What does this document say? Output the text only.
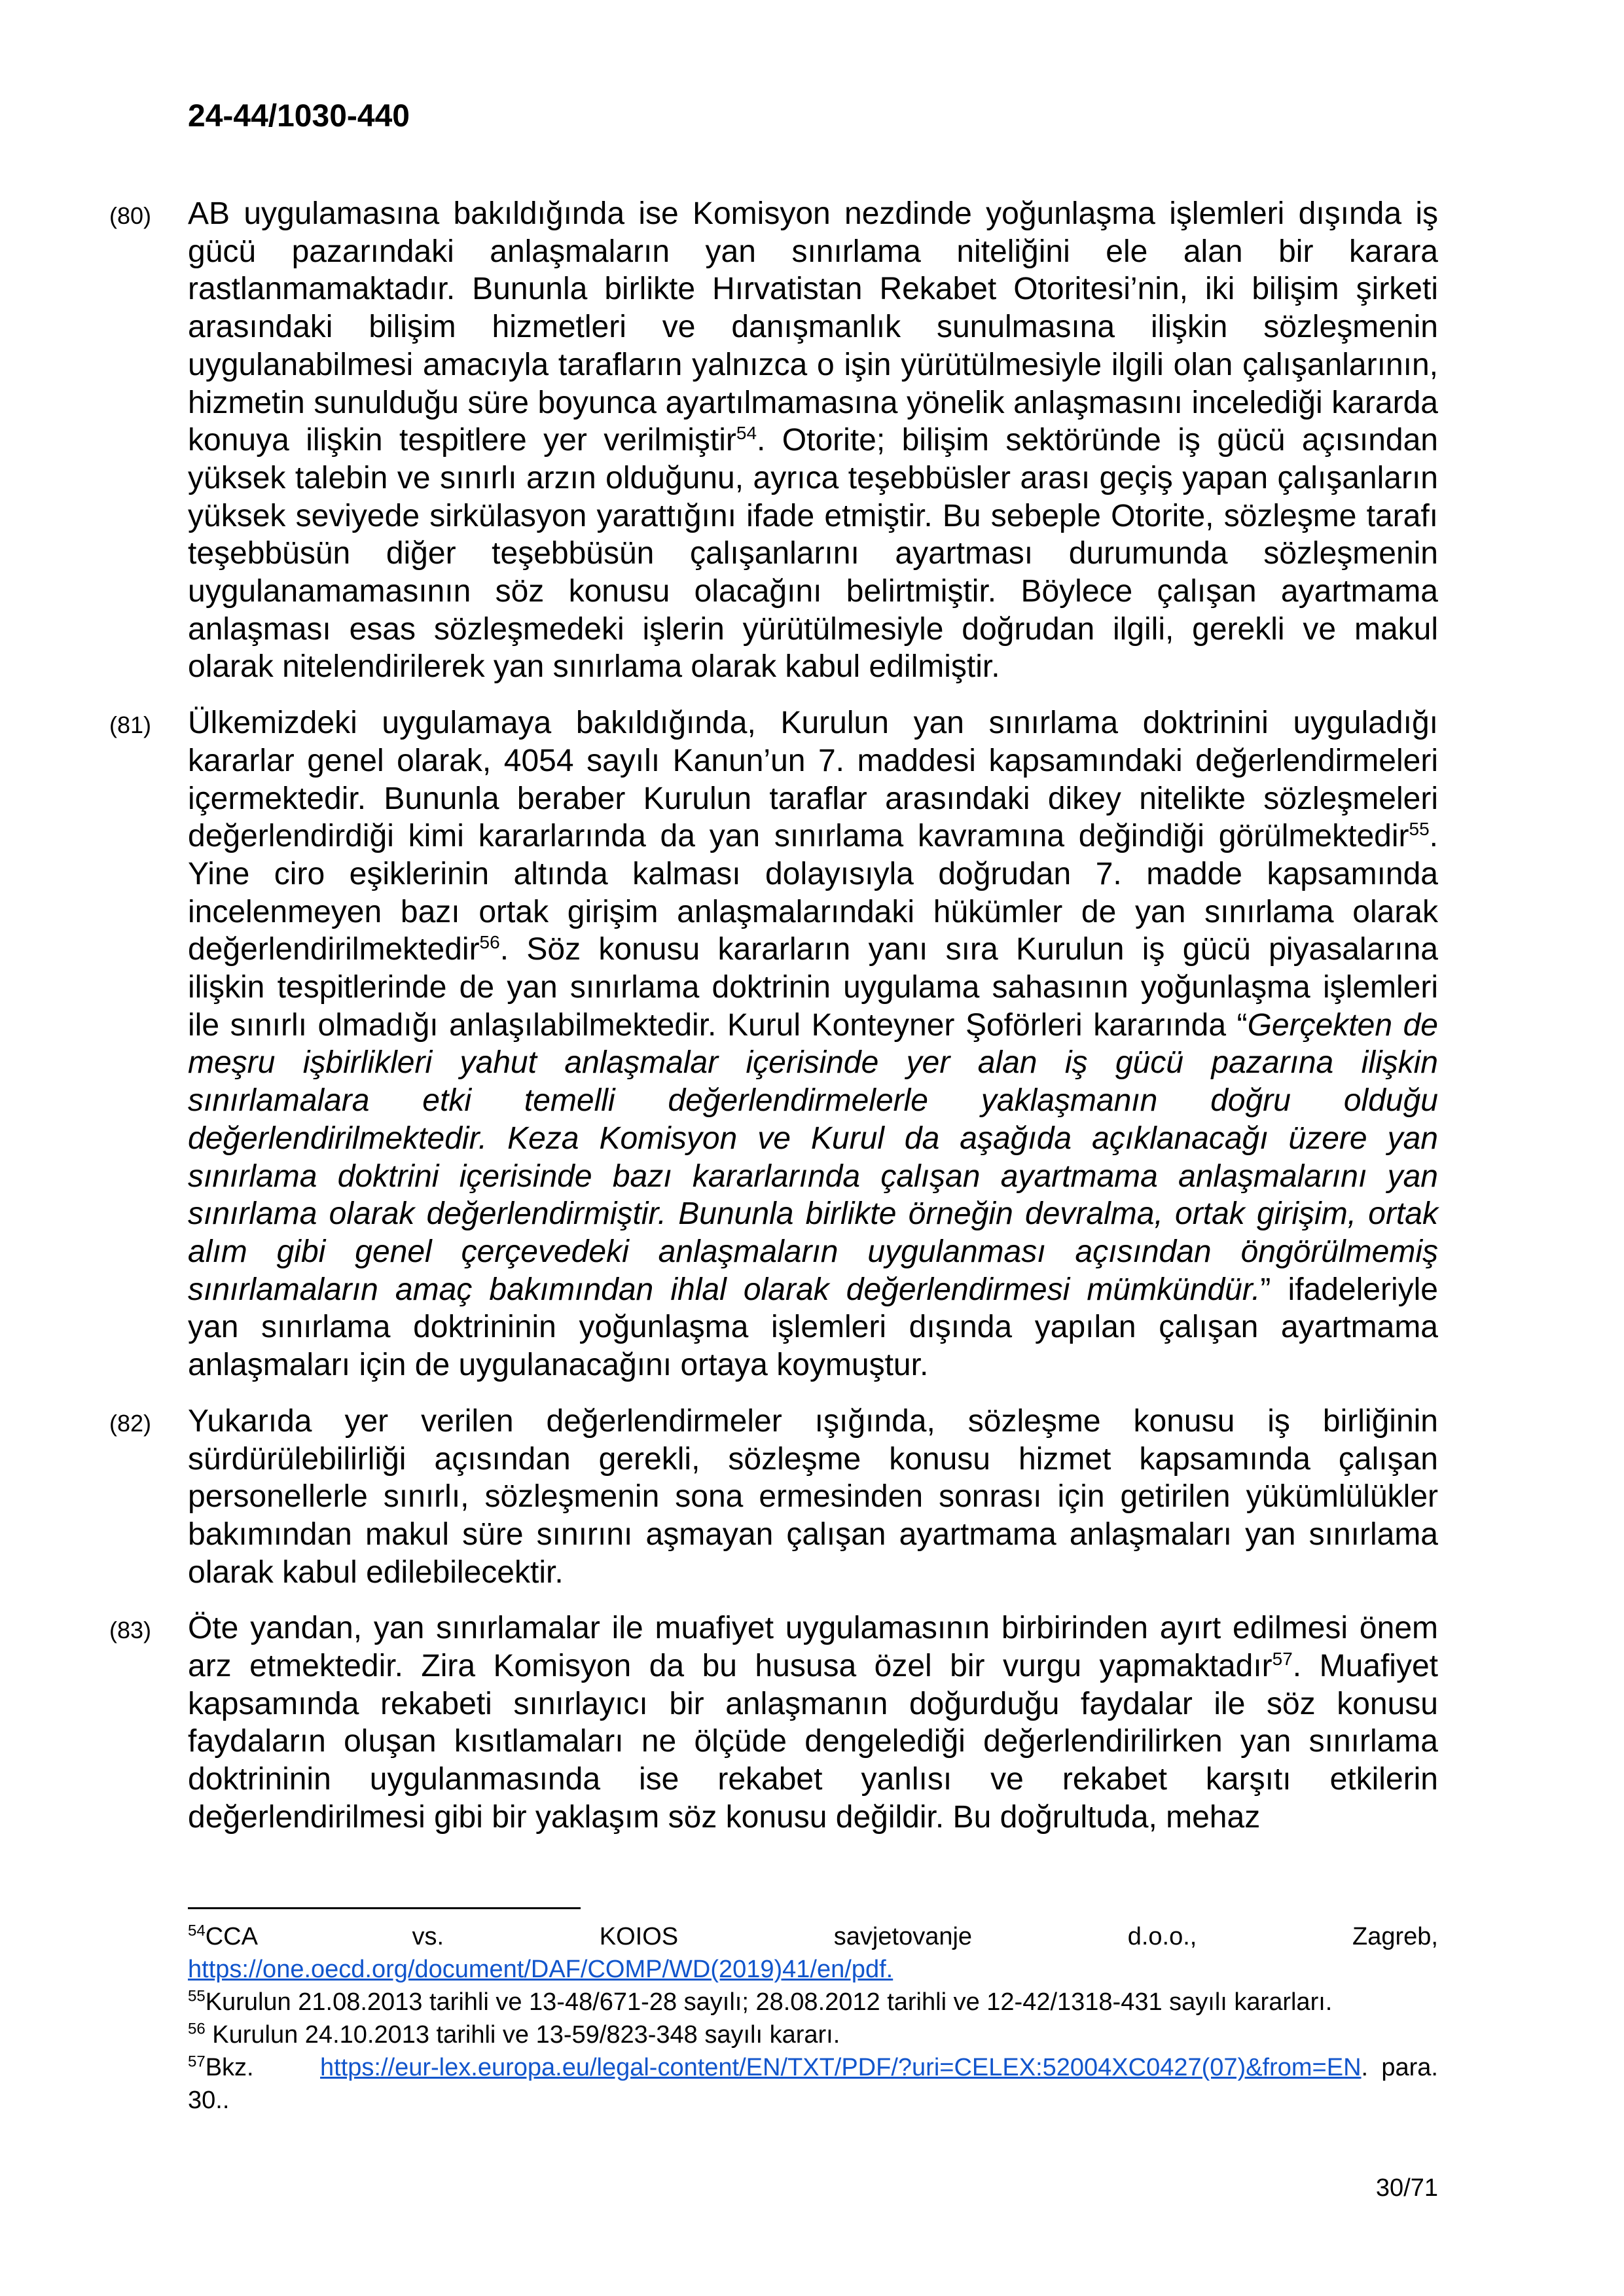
24-44/1030-440
(80)	AB uygulamasına bakıldığında ise Komisyon nezdinde yoğunlaşma işlemleri dışında iş gücü pazarındaki anlaşmaların yan sınırlama niteliğini ele alan bir karara rastlanmamaktadır. Bununla birlikte Hırvatistan Rekabet Otoritesi’nin, iki bilişim şirketi arasındaki bilişim hizmetleri ve danışmanlık sunulmasına ilişkin sözleşmenin uygulanabilmesi amacıyla tarafların yalnızca o işin yürütülmesiyle ilgili olan çalışanlarının, hizmetin sunulduğu süre boyunca ayartılmamasına yönelik anlaşmasını incelediği kararda konuya ilişkin tespitlere yer verilmiştir$^{54}$. Otorite; bilişim sektöründe iş gücü açısından yüksek talebin ve sınırlı arzın olduğunu, ayrıca teşebbüsler arası geçiş yapan çalışanların yüksek seviyede sirkülasyon yarattığını ifade etmiştir. Bu sebeple Otorite, sözleşme tarafı teşebbüsün diğer teşebbüsün çalışanlarını ayartması durumunda sözleşmenin uygulanamamasının söz konusu olacağını belirtmiştir. Böylece çalışan ayartmama anlaşması esas sözleşmedeki işlerin yürütülmesiyle doğrudan ilgili, gerekli ve makul olarak nitelendirilerek yan sınırlama olarak kabul edilmiştir.

(81)	Ülkemizdeki uygulamaya bakıldığında, Kurulun yan sınırlama doktrinini uyguladığı kararlar genel olarak, 4054 sayılı Kanun’un 7. maddesi kapsamındaki değerlendirmeleri içermektedir. Bununla beraber Kurulun taraflar arasındaki dikey nitelikte sözleşmeleri değerlendirdiği kimi kararlarında da yan sınırlama kavramına değindiği görülmektedir$^{55}$. Yine ciro eşiklerinin altında kalması dolayısıyla doğrudan 7. madde kapsamında incelenmeyen bazı ortak girişim anlaşmalarındaki hükümler de yan sınırlama olarak değerlendirilmektedir$^{56}$. Söz konusu kararların yanı sıra Kurulun iş gücü piyasalarına ilişkin tespitlerinde de yan sınırlama doktrinin uygulama sahasının yoğunlaşma işlemleri ile sınırlı olmadığı anlaşılabilmektedir. Kurul Konteyner Şoförleri kararında “Gerçekten de meşru işbirlikleri yahut anlaşmalar içerisinde yer alan iş gücü pazarına ilişkin sınırlamalara etki temelli değerlendirmelerle yaklaşmanın doğru olduğu değerlendirilmektedir. Keza Komisyon ve Kurul da aşağıda açıklanacağı üzere yan sınırlama doktrini içerisinde bazı kararlarında çalışan ayartmama anlaşmalarını yan sınırlama olarak değerlendirmiştir. Bununla birlikte örneğin devralma, ortak girişim, ortak alım gibi genel çerçevedeki anlaşmaların uygulanması açısından öngörülmemiş sınırlamaların amaç bakımından ihlal olarak değerlendirmesi mümkündür.” ifadeleriyle yan sınırlama doktrininin yoğunlaşma işlemleri dışında yapılan çalışan ayartmama anlaşmaları için de uygulanacağını ortaya koymuştur.

(82)	Yukarıda yer verilen değerlendirmeler ışığında, sözleşme konusu iş birliğinin sürdürülebilirliği açısından gerekli, sözleşme konusu hizmet kapsamında çalışan personellerle sınırlı, sözleşmenin sona ermesinden sonrası için getirilen yükümlülükler bakımından makul süre sınırını aşmayan çalışan ayartmama anlaşmaları yan sınırlama olarak kabul edilebilecektir.

(83)	Öte yandan, yan sınırlamalar ile muafiyet uygulamasının birbirinden ayırt edilmesi önem arz etmektedir. Zira Komisyon da bu hususa özel bir vurgu yapmaktadır$^{57}$. Muafiyet kapsamında rekabeti sınırlayıcı bir anlaşmanın doğurduğu faydalar ile söz konusu faydaların oluşan kısıtlamaları ne ölçüde dengelediği değerlendirilirken yan sınırlama doktrininin uygulanmasında ise rekabet yanlısı ve rekabet karşıtı etkilerin değerlendirilmesi gibi bir yaklaşım söz konusu değildir. Bu doğrultuda, mehaz

$^{54}$CCA vs. KOIOS savjetovanje d.o.o., Zagreb,

https://one.oecd.org/document/DAF/COMP/WD(2019)41/en/pdf.

$^{55}$Kurulun 21.08.2013 tarihli ve 13-48/671-28 sayılı; 28.08.2012 tarihli ve 12-42/1318-431 sayılı kararları.

$^{56}$ Kurulun 24.10.2013 tarihli ve 13-59/823-348 sayılı kararı.

$^{57}$Bkz.	https://eur-lex.europa.eu/legal-content/EN/TXT/PDF/?uri=CELEX:52004XC0427(07)&from=EN. para. 30..

30/71
